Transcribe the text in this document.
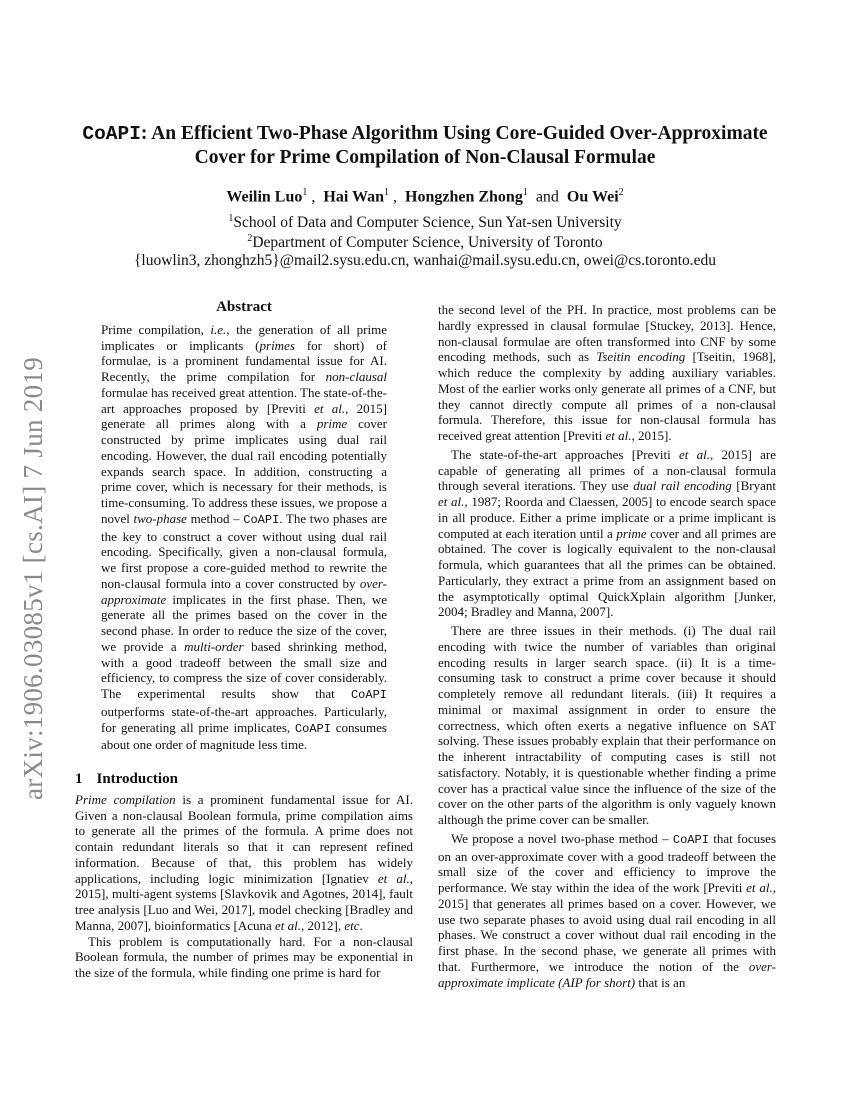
arXiv:1906.03085v1 [cs.AI] 7 Jun 2019
CoAPI: An Efficient Two-Phase Algorithm Using Core-Guided Over-Approximate Cover for Prime Compilation of Non-Clausal Formulae
Weilin Luo$^1$ ,  Hai Wan$^1$ ,  Hongzhen Zhong$^1$ and Ou Wei$^2$
$^1$School of Data and Computer Science, Sun Yat-sen University
$^2$Department of Computer Science, University of Toronto
{luowlin3, zhonghzh5}@mail2.sysu.edu.cn, wanhai@mail.sysu.edu.cn, owei@cs.toronto.edu
Abstract

Prime compilation, i.e., the generation of all prime implicates or implicants (primes for short) of formulae, is a prominent fundamental issue for AI. Recently, the prime compilation for non-clausal formulae has received great attention. The state-of-the-art approaches proposed by [Previti et al., 2015] generate all primes along with a prime cover constructed by prime implicates using dual rail encoding. However, the dual rail encoding potentially expands search space. In addition, constructing a prime cover, which is necessary for their methods, is time-consuming. To address these issues, we propose a novel two-phase method – CoAPI. The two phases are the key to construct a cover without using dual rail encoding. Specifically, given a non-clausal formula, we first propose a core-guided method to rewrite the non-clausal formula into a cover constructed by over-approximate implicates in the first phase. Then, we generate all the primes based on the cover in the second phase. In order to reduce the size of the cover, we provide a multi-order based shrinking method, with a good tradeoff between the small size and efficiency, to compress the size of cover considerably. The experimental results show that CoAPI outperforms state-of-the-art approaches. Particularly, for generating all prime implicates, CoAPI consumes about one order of magnitude less time.

1 Introduction

Prime compilation is a prominent fundamental issue for AI. Given a non-clausal Boolean formula, prime compilation aims to generate all the primes of the formula. A prime does not contain redundant literals so that it can represent refined information. Because of that, this problem has widely applications, including logic minimization [Ignatiev et al., 2015], multi-agent systems [Slavkovik and Agotnes, 2014], fault tree analysis [Luo and Wei, 2017], model checking [Bradley and Manna, 2007], bioinformatics [Acuna et al., 2012], etc.

This problem is computationally hard. For a non-clausal Boolean formula, the number of primes may be exponential in the size of the formula, while finding one prime is hard for

the second level of the PH. In practice, most problems can be hardly expressed in clausal formulae [Stuckey, 2013]. Hence, non-clausal formulae are often transformed into CNF by some encoding methods, such as Tseitin encoding [Tseitin, 1968], which reduce the complexity by adding auxiliary variables. Most of the earlier works only generate all primes of a CNF, but they cannot directly compute all primes of a non-clausal formula. Therefore, this issue for non-clausal formula has received great attention [Previti et al., 2015].

The state-of-the-art approaches [Previti et al., 2015] are capable of generating all primes of a non-clausal formula through several iterations. They use dual rail encoding [Bryant et al., 1987; Roorda and Claessen, 2005] to encode search space in all produce. Either a prime implicate or a prime implicant is computed at each iteration until a prime cover and all primes are obtained. The cover is logically equivalent to the non-clausal formula, which guarantees that all the primes can be obtained. Particularly, they extract a prime from an assignment based on the asymptotically optimal QuickXplain algorithm [Junker, 2004; Bradley and Manna, 2007].

There are three issues in their methods. (i) The dual rail encoding with twice the number of variables than original encoding results in larger search space. (ii) It is a time-consuming task to construct a prime cover because it should completely remove all redundant literals. (iii) It requires a minimal or maximal assignment in order to ensure the correctness, which often exerts a negative influence on SAT solving. These issues probably explain that their performance on the inherent intractability of computing cases is still not satisfactory. Notably, it is questionable whether finding a prime cover has a practical value since the influence of the size of the cover on the other parts of the algorithm is only vaguely known although the prime cover can be smaller.

We propose a novel two-phase method – CoAPI that focuses on an over-approximate cover with a good tradeoff between the small size of the cover and efficiency to improve the performance. We stay within the idea of the work [Previti et al., 2015] that generates all primes based on a cover. However, we use two separate phases to avoid using dual rail encoding in all phases. We construct a cover without dual rail encoding in the first phase. In the second phase, we generate all primes with that. Furthermore, we introduce the notion of the over-approximate implicate (AIP for short) that is an
